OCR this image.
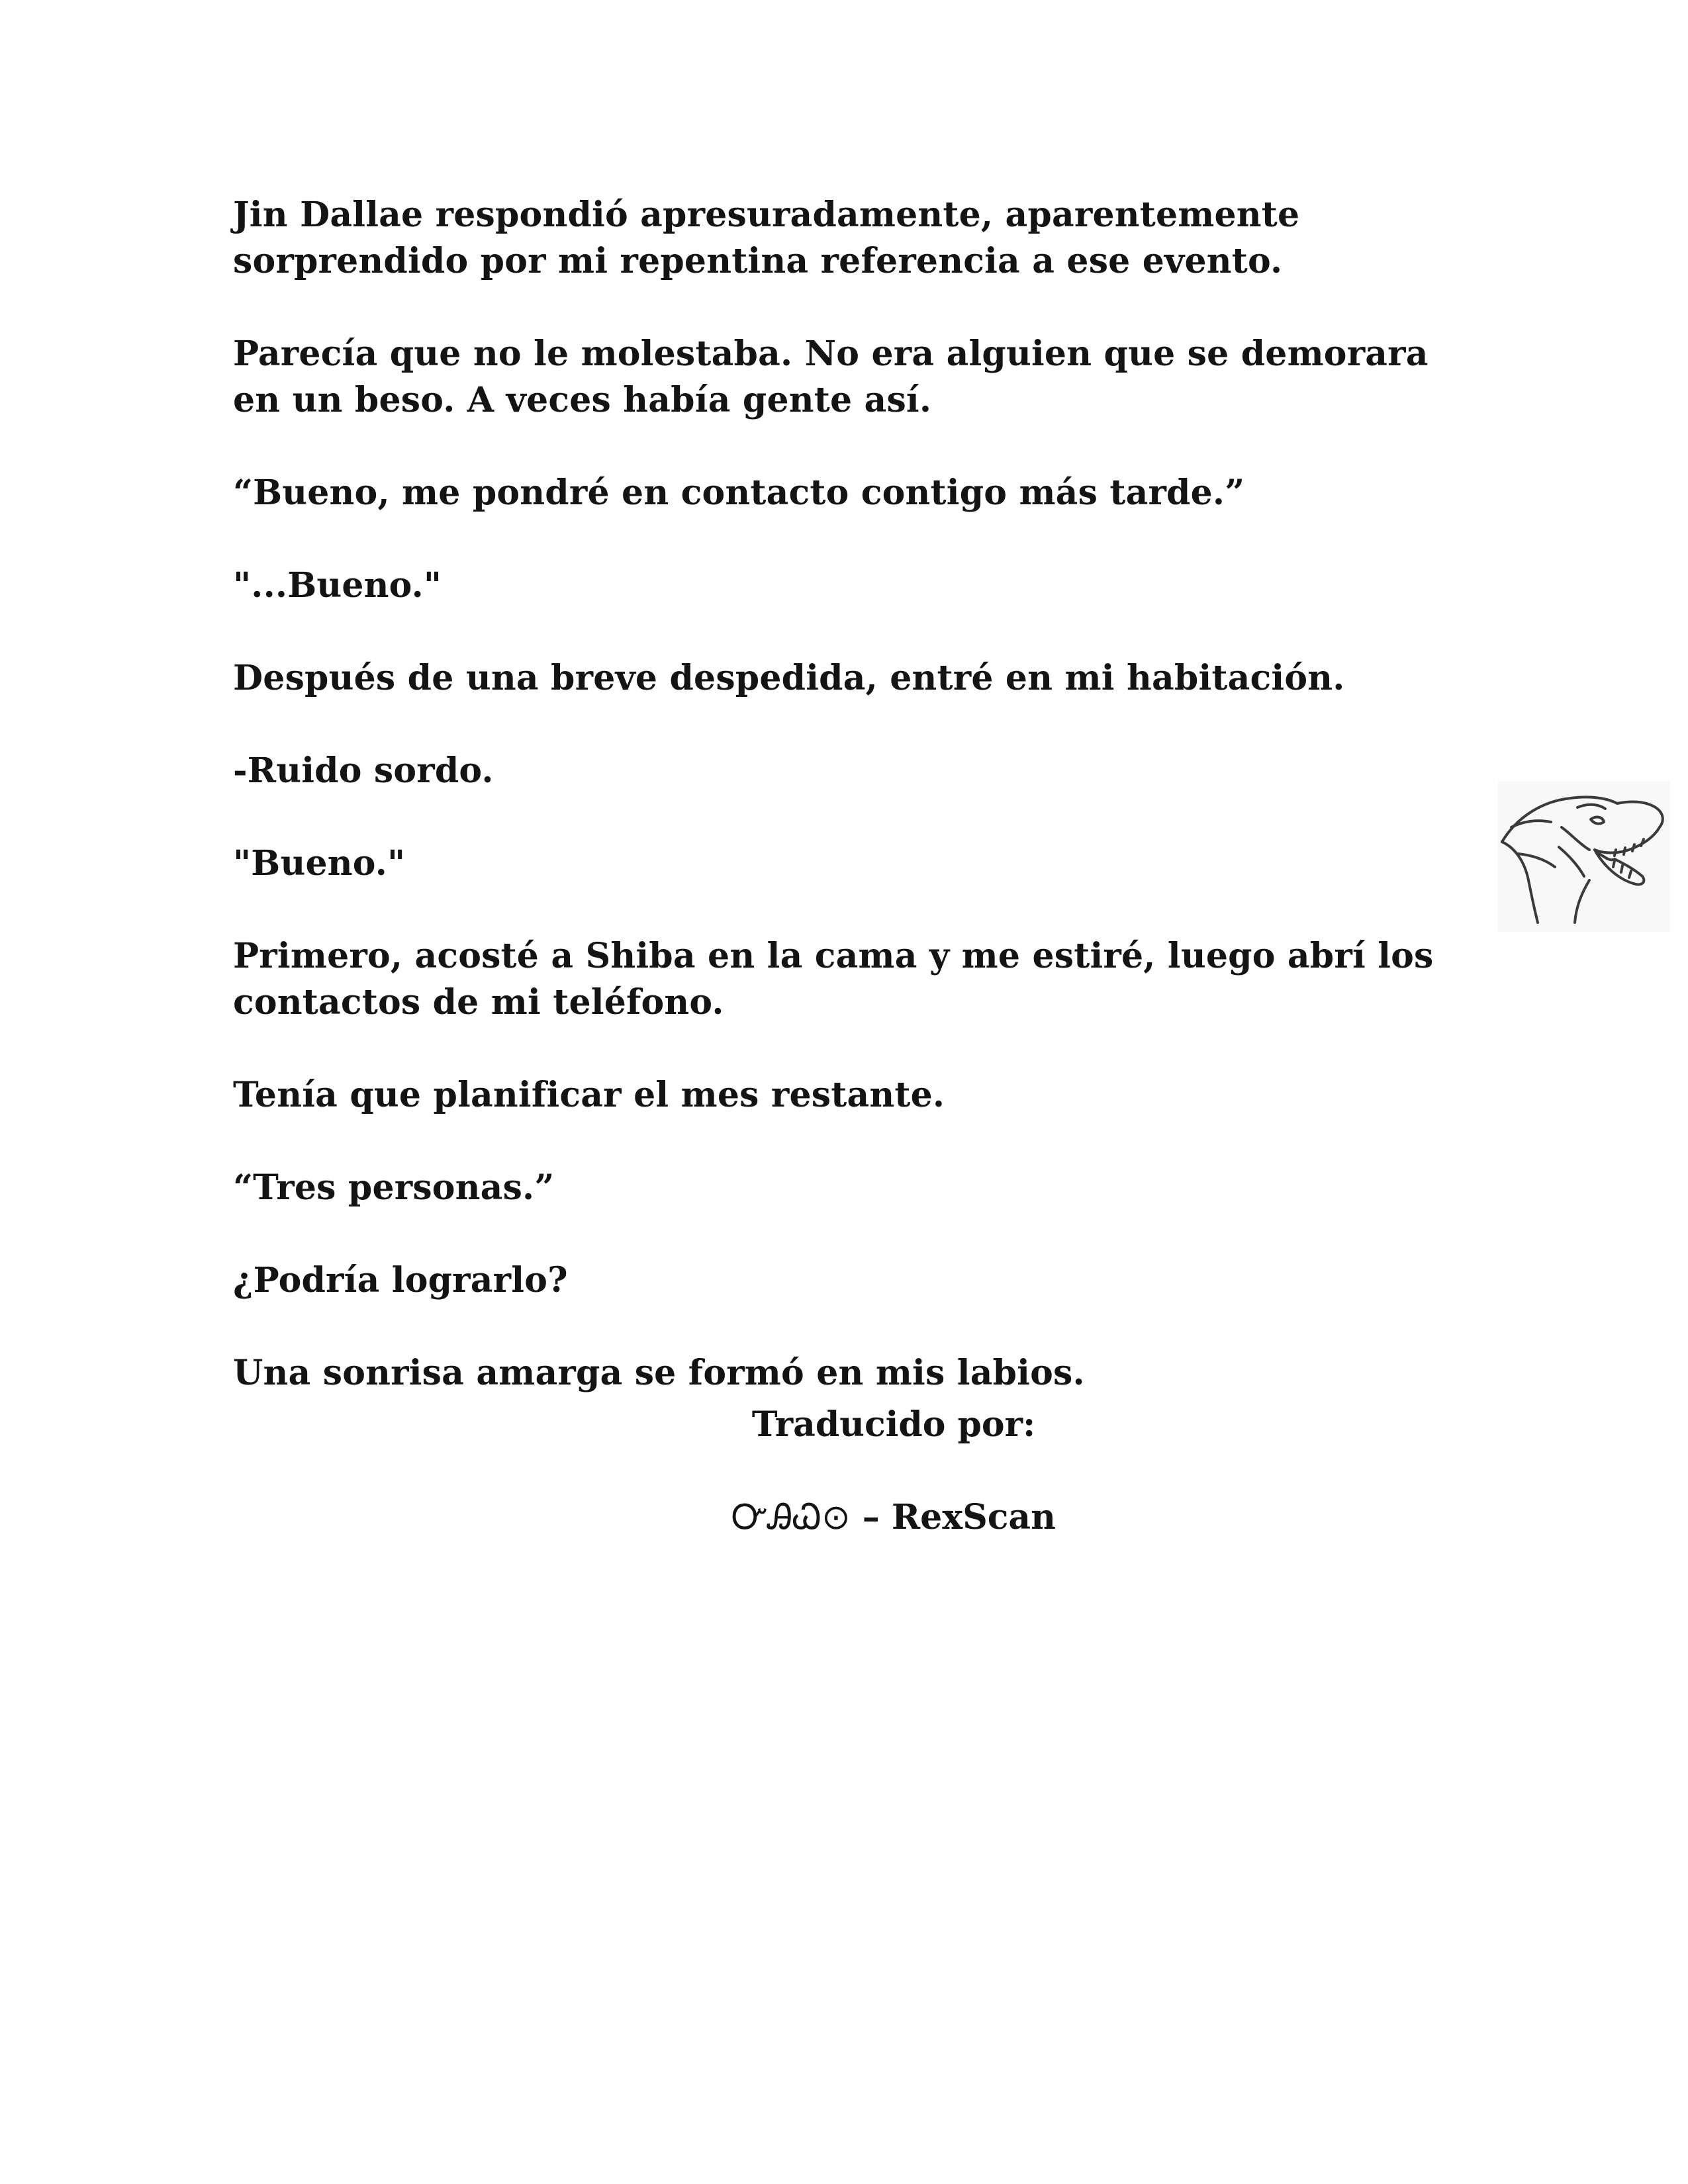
Jin Dallae respondió apresuradamente, aparentemente
sorprendido por mi repentina referencia a ese evento.

Parecía que no le molestaba. No era alguien que se demorara
en un beso. A veces había gente así.

“Bueno, me pondré en contacto contigo más tarde.”

"...Bueno."

Después de una breve despedida, entré en mi habitación.

-Ruido sordo.

"Bueno."

Primero, acosté a Shiba en la cama y me estiré, luego abrí los
contactos de mi teléfono.

Tenía que planificar el mes restante.

“Tres personas.”

¿Podría lograrlo?

Una sonrisa amarga se formó en mis labios.

Traducido por:
ᏅᎯᏇ⊙ – RexScan
